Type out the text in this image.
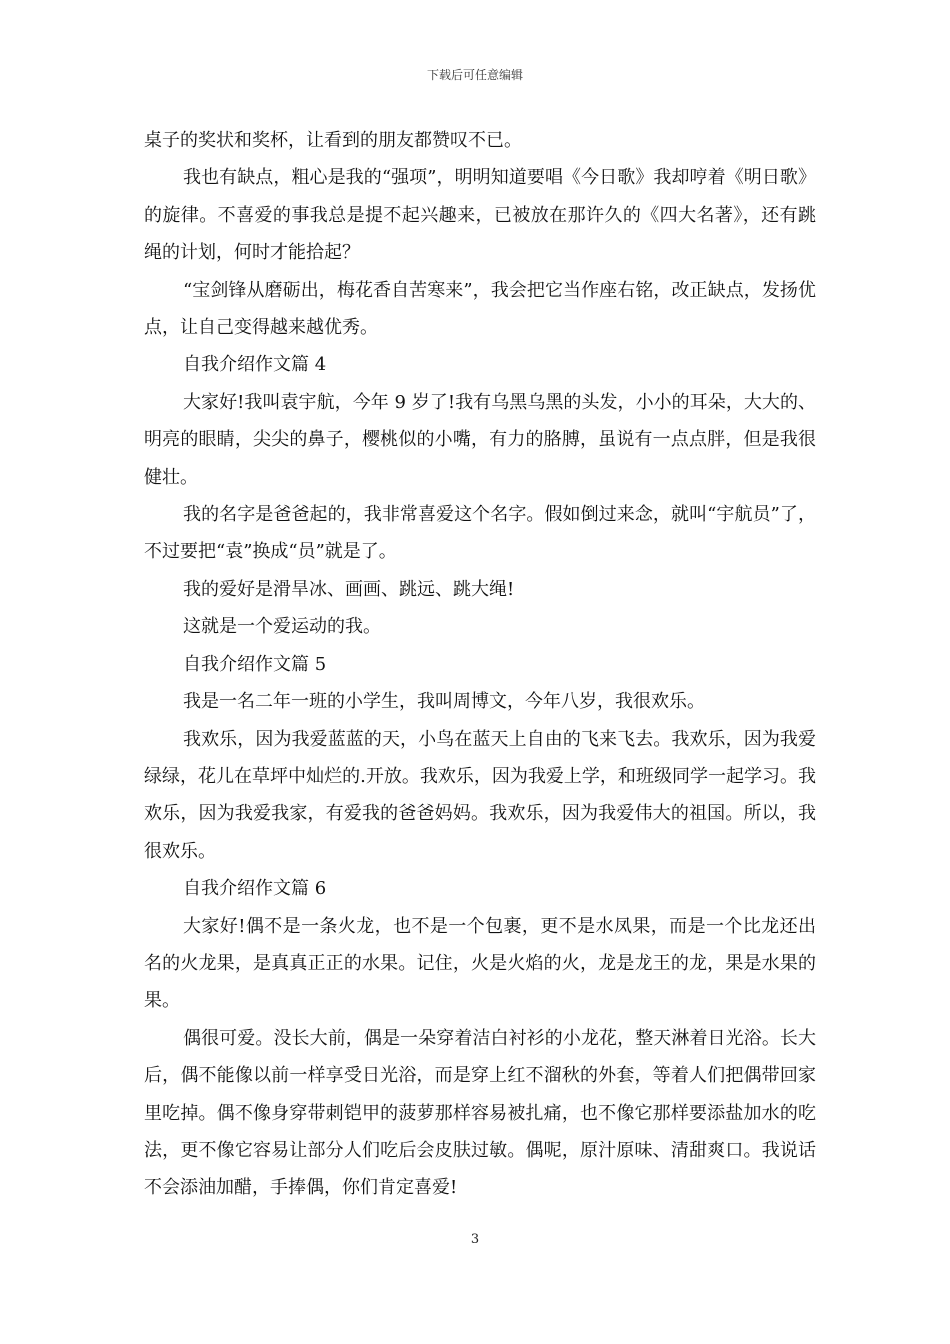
下载后可任意编辑

桌子的奖状和奖杯，让看到的朋友都赞叹不已。

我也有缺点，粗心是我的“强项”，明明知道要唱《今日歌》我却哼着《明日歌》的旋律。不喜爱的事我总是提不起兴趣来，已被放在那许久的《四大名著》，还有跳绳的计划，何时才能拾起？

“宝剑锋从磨砺出，梅花香自苦寒来”，我会把它当作座右铭，改正缺点，发扬优点，让自己变得越来越优秀。

自我介绍作文篇 4

大家好!我叫袁宇航，今年 9 岁了!我有乌黑乌黑的头发，小小的耳朵，大大的、明亮的眼睛，尖尖的鼻子，樱桃似的小嘴，有力的胳膊，虽说有一点点胖，但是我很健壮。

我的名字是爸爸起的，我非常喜爱这个名字。假如倒过来念，就叫“宇航员”了，不过要把“袁”换成“员”就是了。

我的爱好是滑旱冰、画画、跳远、跳大绳!

这就是一个爱运动的我。

自我介绍作文篇 5

我是一名二年一班的小学生，我叫周博文，今年八岁，我很欢乐。

我欢乐，因为我爱蓝蓝的天，小鸟在蓝天上自由的飞来飞去。我欢乐，因为我爱绿绿，花儿在草坪中灿烂的.开放。我欢乐，因为我爱上学，和班级同学一起学习。我欢乐，因为我爱我家，有爱我的爸爸妈妈。我欢乐，因为我爱伟大的祖国。所以，我很欢乐。

自我介绍作文篇 6

大家好!偶不是一条火龙，也不是一个包裹，更不是水凤果，而是一个比龙还出名的火龙果，是真真正正的水果。记住，火是火焰的火，龙是龙王的龙，果是水果的果。

偶很可爱。没长大前，偶是一朵穿着洁白衬衫的小龙花，整天淋着日光浴。长大后，偶不能像以前一样享受日光浴，而是穿上红不溜秋的外套，等着人们把偶带回家里吃掉。偶不像身穿带刺铠甲的菠萝那样容易被扎痛，也不像它那样要添盐加水的吃法，更不像它容易让部分人们吃后会皮肤过敏。偶呢，原汁原味、清甜爽口。我说话不会添油加醋，手捧偶，你们肯定喜爱!

3
